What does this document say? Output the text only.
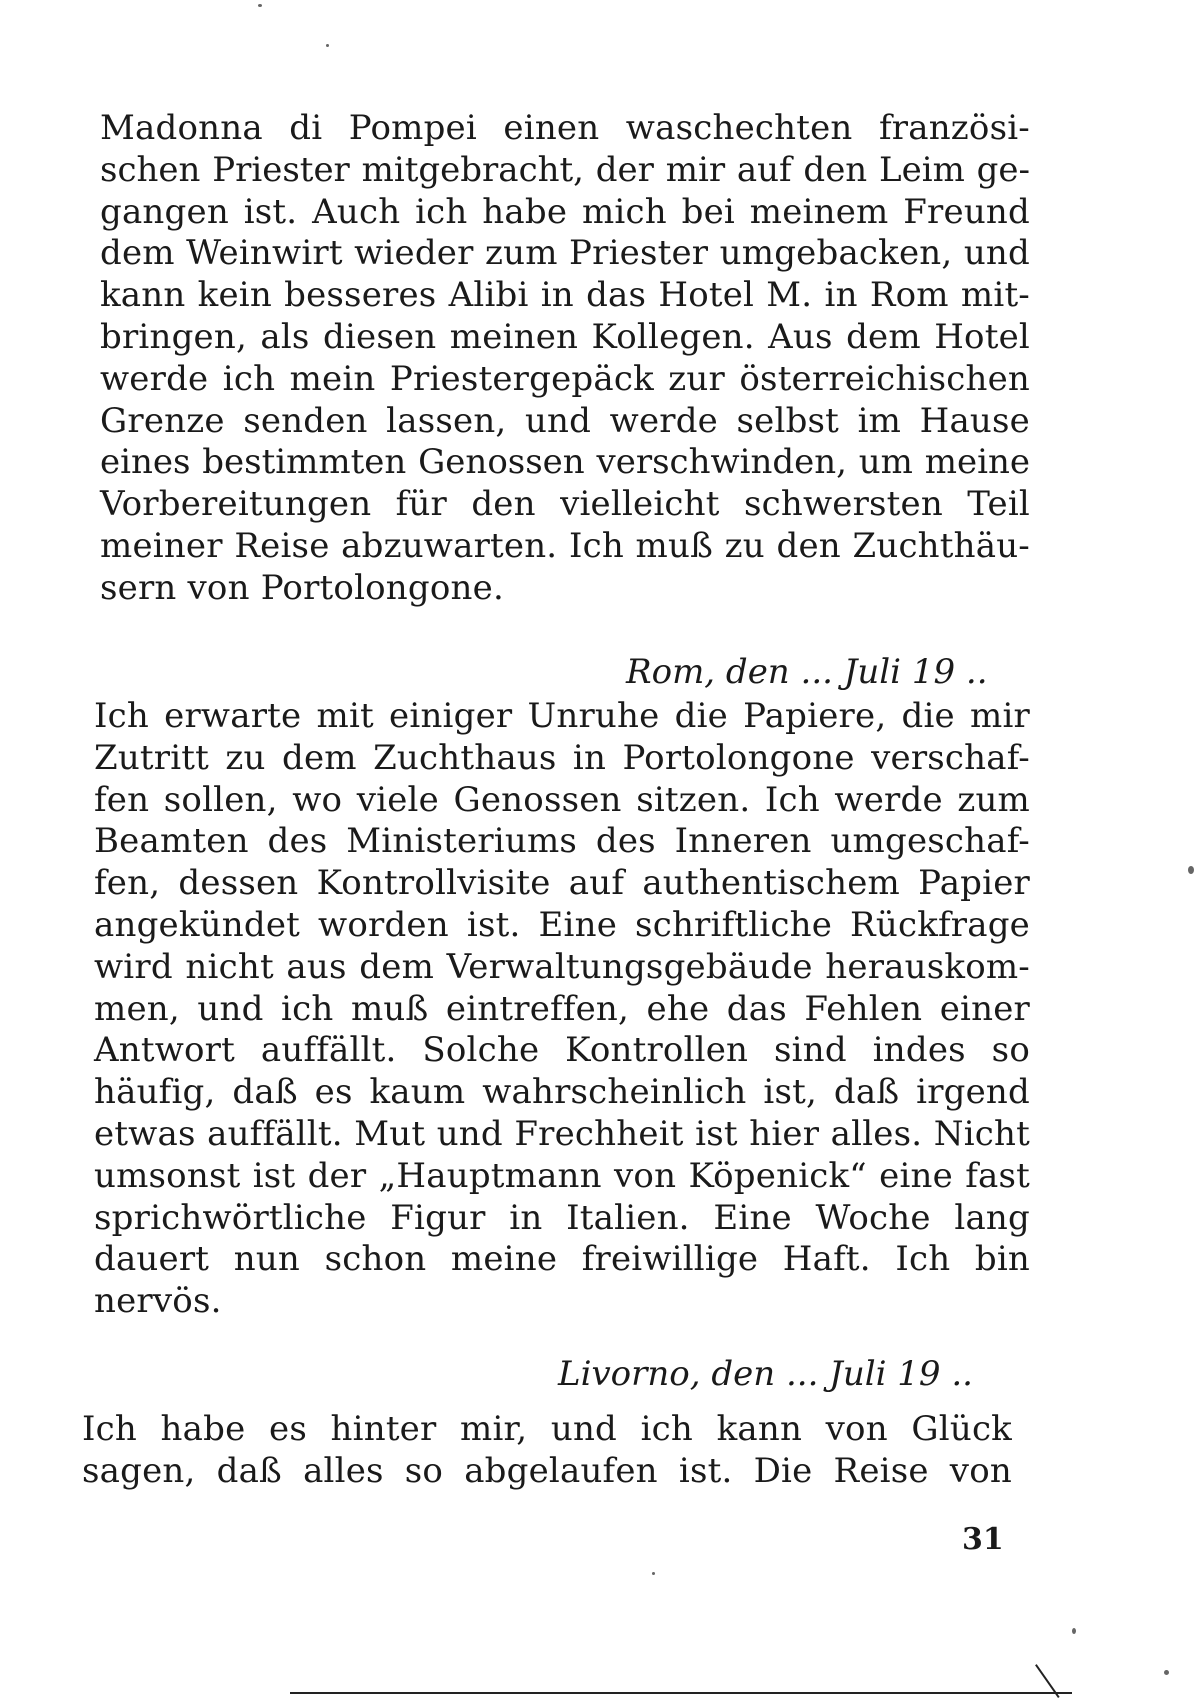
Madonna di Pompei einen waschechten französi-
schen Priester mitgebracht, der mir auf den Leim ge-
gangen ist. Auch ich habe mich bei meinem Freund
dem Weinwirt wieder zum Priester umgebacken, und
kann kein besseres Alibi in das Hotel M. in Rom mit-
bringen, als diesen meinen Kollegen. Aus dem Hotel
werde ich mein Priestergepäck zur österreichischen
Grenze senden lassen, und werde selbst im Hause
eines bestimmten Genossen verschwinden, um meine
Vorbereitungen für den vielleicht schwersten Teil
meiner Reise abzuwarten. Ich muß zu den Zuchthäu-
sern von Portolongone.
Rom, den ... Juli 19 ..
Ich erwarte mit einiger Unruhe die Papiere, die mir
Zutritt zu dem Zuchthaus in Portolongone verschaf-
fen sollen, wo viele Genossen sitzen. Ich werde zum
Beamten des Ministeriums des Inneren umgeschaf-
fen, dessen Kontrollvisite auf authentischem Papier
angekündet worden ist. Eine schriftliche Rückfrage
wird nicht aus dem Verwaltungsgebäude herauskom-
men, und ich muß eintreffen, ehe das Fehlen einer
Antwort auffällt. Solche Kontrollen sind indes so
häufig, daß es kaum wahrscheinlich ist, daß irgend
etwas auffällt. Mut und Frechheit ist hier alles. Nicht
umsonst ist der „Hauptmann von Köpenick“ eine fast
sprichwörtliche Figur in Italien. Eine Woche lang
dauert nun schon meine freiwillige Haft. Ich bin
nervös.
Livorno, den ... Juli 19 ..
Ich habe es hinter mir, und ich kann von Glück
sagen, daß alles so abgelaufen ist. Die Reise von
31
